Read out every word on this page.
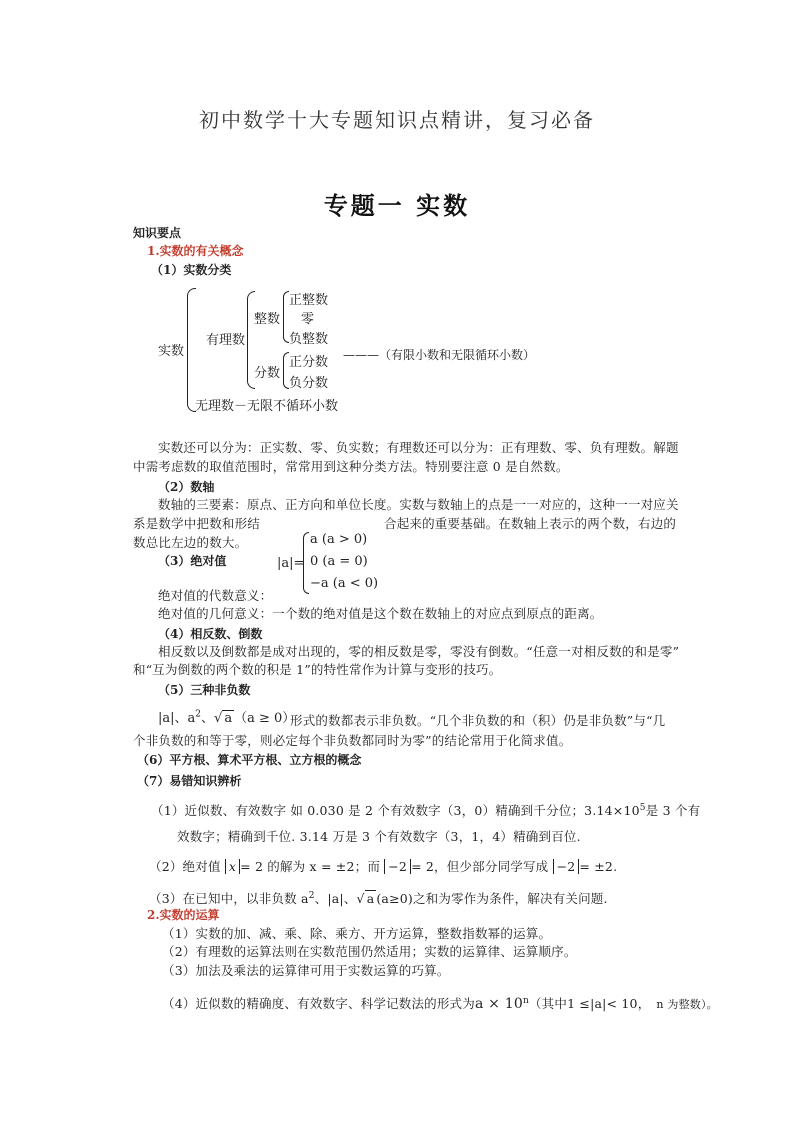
初中数学十大专题知识点精讲，复习必备
专题一 实数
知识要点
1.实数的有关概念
（1）实数分类
实数
有理数
整数
正整数
零
负整数
分数
正分数
负分数
———（有限小数和无限循环小数）
无理数－无限不循环小数
实数还可以分为：正实数、零、负实数；有理数还可以分为：正有理数、零、负有理数。解题
中需考虑数的取值范围时，常常用到这种分类方法。特别要注意 0 是自然数。
（2）数轴
数轴的三要素：原点、正方向和单位长度。实数与数轴上的点是一一对应的，这种一一对应关
系是数学中把数和形结	合起来的重要基础。在数轴上表示的两个数，右边的
数总比左边的数大。
（3）绝对值	|a|=
a (a > 0)
0 (a = 0)
−a (a < 0)
绝对值的代数意义：
绝对值的几何意义：一个数的绝对值是这个数在数轴上的对应点到原点的距离。
（4）相反数、倒数
相反数以及倒数都是成对出现的，零的相反数是零，零没有倒数。“任意一对相反数的和是零”
和“互为倒数的两个数的积是 1”的特性常作为计算与变形的技巧。
（5）三种非负数
|a|、$a^2$、√ a （a ≥ 0）
形式的数都表示非负数。“几个非负数的和（积）仍是非负数”与“几
个非负数的和等于零，则必定每个非负数都同时为零”的结论常用于化简求值。
（6）平方根、算术平方根、立方根的概念
（7）易错知识辨析
（1）近似数、有效数字 如 0.030 是 2 个有效数字（3，0）精确到千分位；$3.14\times 10^5$是 3 个有
效数字；精确到千位. 3.14 万是 3 个有效数字（3，1，4）精确到百位.
（2）绝对值 x = 2 的解为 x = ±2；而 −2 = 2，但少部分同学写成 −2 = ±2.
（3）在已知中，以非负数 $a^2$、|a|、√ a (a≥0)之和为零作为条件，解决有关问题.
2.实数的运算
（1）实数的加、减、乘、除、乘方、开方运算，整数指数幂的运算。
（2）有理数的运算法则在实数范围仍然适用；实数的运算律、运算顺序。
（3）加法及乘法的运算律可用于实数运算的巧算。
（4）近似数的精确度、有效数字、科学记数法的形式为$a \times 10^n$（其中1 ≤|a|< 10， n 为整数）。
